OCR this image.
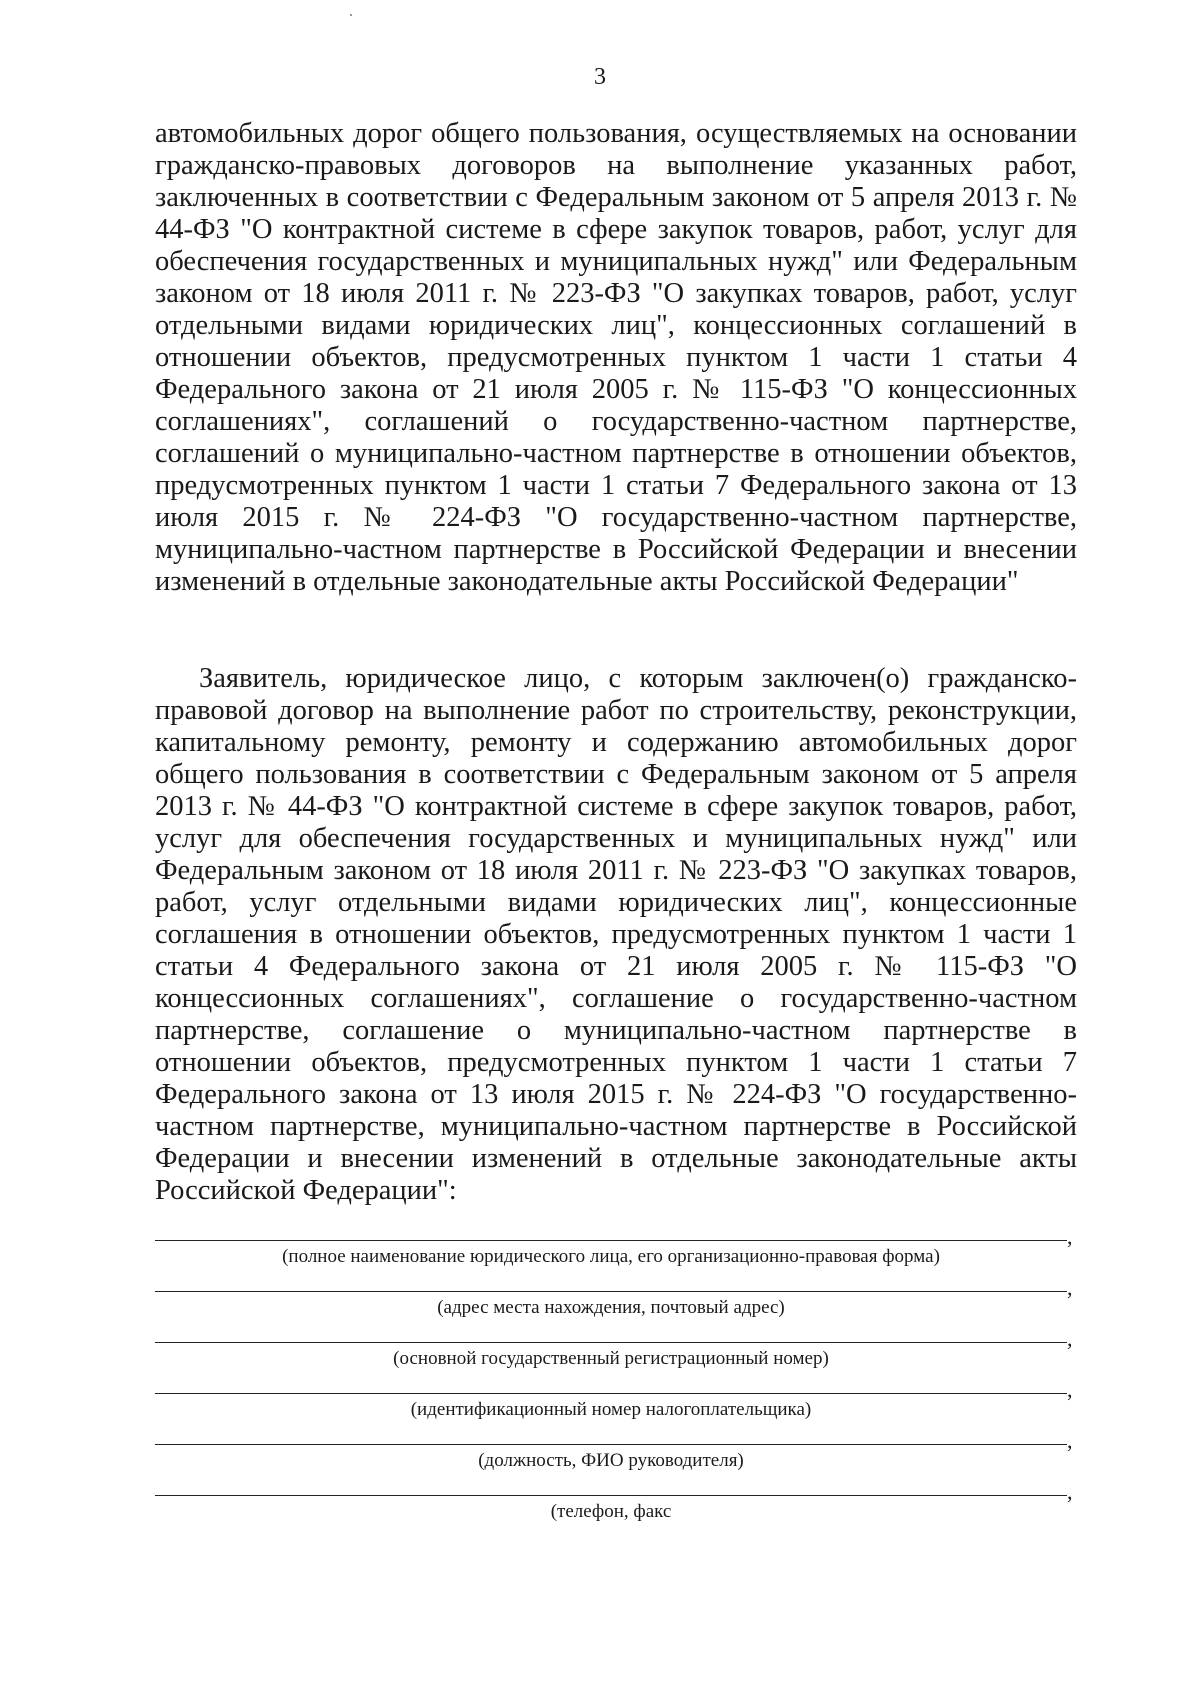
3

автомобильных дорог общего пользования, осуществляемых на основании гражданско-правовых договоров на выполнение указанных работ, заключенных в соответствии с Федеральным законом от 5 апреля 2013 г. № 44-ФЗ "О контрактной системе в сфере закупок товаров, работ, услуг для обеспечения государственных и муниципальных нужд" или Федеральным законом от 18 июля 2011 г. № 223-ФЗ "О закупках товаров, работ, услуг отдельными видами юридических лиц", концессионных соглашений в отношении объектов, предусмотренных пунктом 1 части 1 статьи 4 Федерального закона от 21 июля 2005 г. № 115-ФЗ "О концессионных соглашениях", соглашений о государственно-частном партнерстве, соглашений о муниципально-частном партнерстве в отношении объектов, предусмотренных пунктом 1 части 1 статьи 7 Федерального закона от 13 июля 2015 г. № 224-ФЗ "О государственно-частном партнерстве, муниципально-частном партнерстве в Российской Федерации и внесении изменений в отдельные законодательные акты Российской Федерации"

Заявитель, юридическое лицо, с которым заключен(о) гражданско-правовой договор на выполнение работ по строительству, реконструкции, капитальному ремонту, ремонту и содержанию автомобильных дорог общего пользования в соответствии с Федеральным законом от 5 апреля 2013 г. № 44-ФЗ "О контрактной системе в сфере закупок товаров, работ, услуг для обеспечения государственных и муниципальных нужд" или Федеральным законом от 18 июля 2011 г. № 223-ФЗ "О закупках товаров, работ, услуг отдельными видами юридических лиц", концессионные соглашения в отношении объектов, предусмотренных пунктом 1 части 1 статьи 4 Федерального закона от 21 июля 2005 г. № 115-ФЗ "О концессионных соглашениях", соглашение о государственно-частном партнерстве, соглашение о муниципально-частном партнерстве в отношении объектов, предусмотренных пунктом 1 части 1 статьи 7 Федерального закона от 13 июля 2015 г. № 224-ФЗ "О государственно-частном партнерстве, муниципально-частном партнерстве в Российской Федерации и внесении изменений в отдельные законодательные акты Российской Федерации":

,
(полное наименование юридического лица, его организационно-правовая форма)
,
(адрес места нахождения, почтовый адрес)
,
(основной государственный регистрационный номер)
,
(идентификационный номер налогоплательщика)
,
(должность, ФИО руководителя)
,
(телефон, факс
